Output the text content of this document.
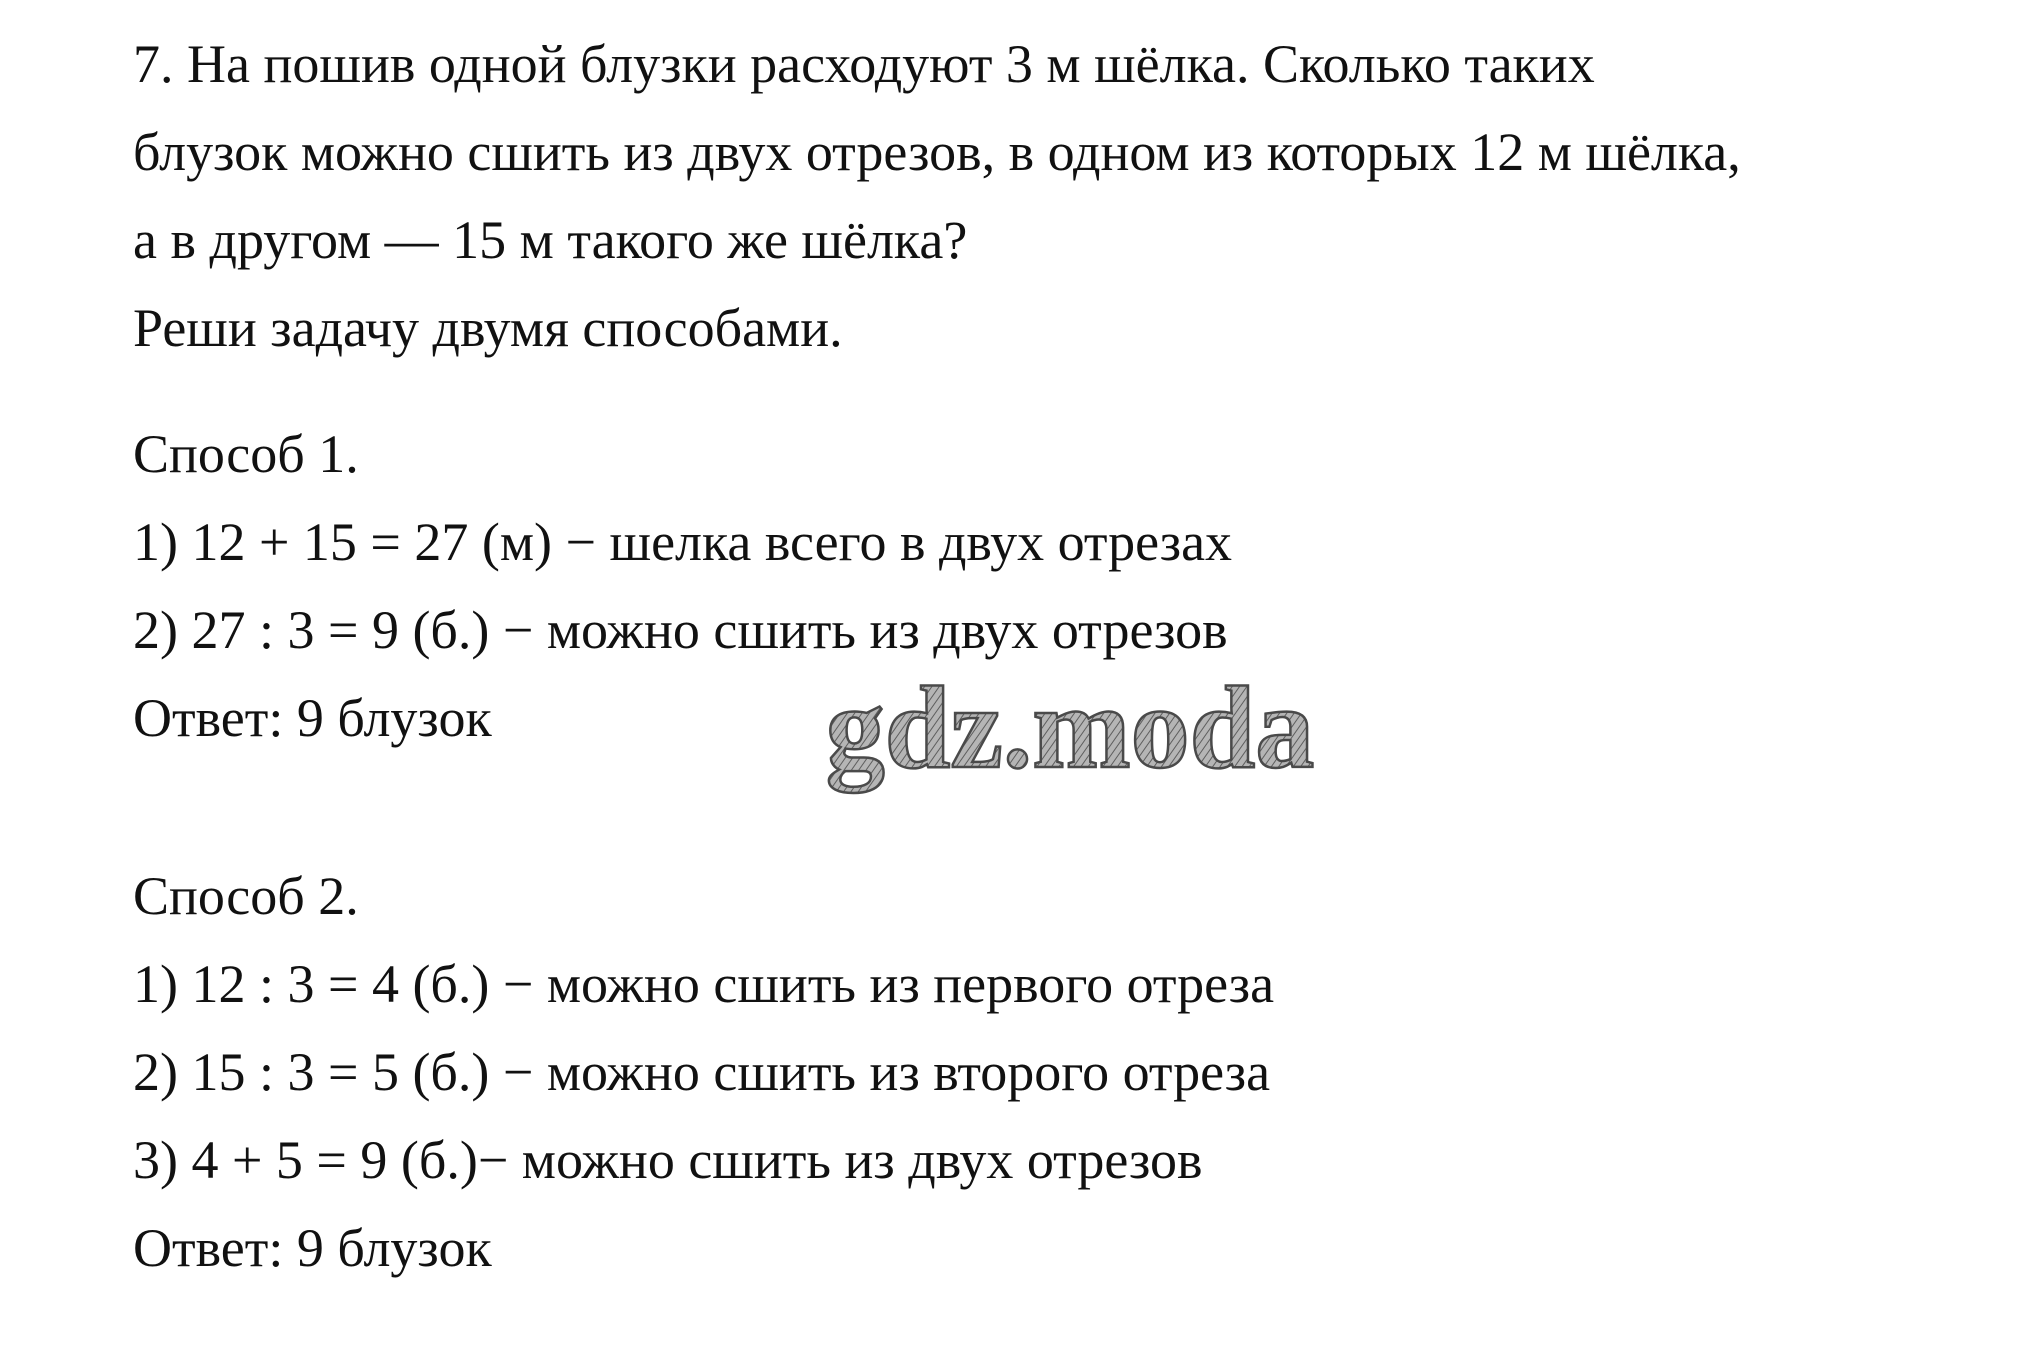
7. На пошив одной блузки расходуют 3 м шёлка. Сколько таких
блузок можно сшить из двух отрезов, в одном из которых 12 м шёлка,
а в другом — 15 м такого же шёлка?
Реши задачу двумя способами.
Способ 1.
1) 12 + 15 = 27 (м) − шелка всего в двух отрезах
2) 27 : 3 = 9 (б.) − можно сшить из двух отрезов
Ответ: 9 блузок
Способ 2.
1) 12 : 3 = 4 (б.) − можно сшить из первого отреза
2) 15 : 3 = 5 (б.) − можно сшить из второго отреза
3) 4 + 5 = 9 (б.)− можно сшить из двух отрезов
Ответ: 9 блузок
gdz.moda
